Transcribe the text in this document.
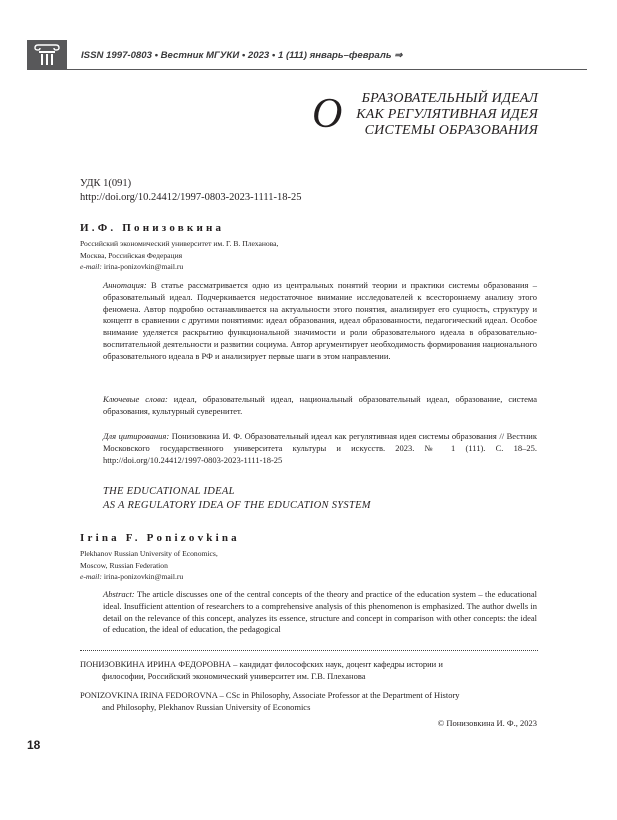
ISSN 1997-0803 • Вестник МГУКИ • 2023 • 1 (111) январь–февраль ⇒
О	БРАЗОВАТЕЛЬНЫЙ ИДЕАЛ
КАК РЕГУЛЯТИВНАЯ ИДЕЯ
СИСТЕМЫ ОБРАЗОВАНИЯ
УДК 1(091)
http://doi.org/10.24412/1997-0803-2023-1111-18-25
И.Ф. Понизовкина
Российский экономический университет им. Г. В. Плеханова,
Москва, Российская Федерация
e-mail: irina-ponizovkin@mail.ru
Аннотация: В статье рассматривается одно из центральных понятий теории и практики системы образования – образовательный идеал. Подчеркивается недостаточное внимание исследователей к всестороннему анализу этого феномена. Автор подробно останавливается на актуальности этого понятия, анализирует его сущность, структуру и концепт в сравнении с другими понятиями: идеал образования, идеал образованности, педагогический идеал. Особое внимание уделяется раскрытию функциональной значимости и роли образовательного идеала в образовательно-воспитательной деятельности и развитии социума. Автор аргументирует необходимость формирования национального образовательного идеала в РФ и анализирует первые шаги в этом направлении.
Ключевые слова: идеал, образовательный идеал, национальный образовательный идеал, образование, система образования, культурный суверенитет.
Для цитирования: Понизовкина И. Ф. Образовательный идеал как регулятивная идея системы образования // Вестник Московского государственного университета культуры и искусств. 2023. № 1 (111). С. 18–25. http://doi.org/10.24412/1997-0803-2023-1111-18-25
THE EDUCATIONAL IDEAL
AS A REGULATORY IDEA OF THE EDUCATION SYSTEM
Irina F. Ponizovkina
Plekhanov Russian University of Economics,
Moscow, Russian Federation
e-mail: irina-ponizovkin@mail.ru
Abstract: The article discusses one of the central concepts of the theory and practice of the education system – the educational ideal. Insufficient attention of researchers to a comprehensive analysis of this phenomenon is emphasized. The author dwells in detail on the relevance of this concept, analyzes its essence, structure and concept in comparison with other concepts: the ideal of education, the ideal of education, the pedagogical
ПОНИЗОВКИНА ИРИНА ФЕДОРОВНА – кандидат философских наук, доцент кафедры истории и
философии, Российский экономический университет им. Г.В. Плеханова
PONIZOVKINA IRINA FEDOROVNA – CSc in Philosophy, Associate Professor at the Department of History
and Philosophy, Plekhanov Russian University of Economics
© Понизовкина И. Ф., 2023
18
